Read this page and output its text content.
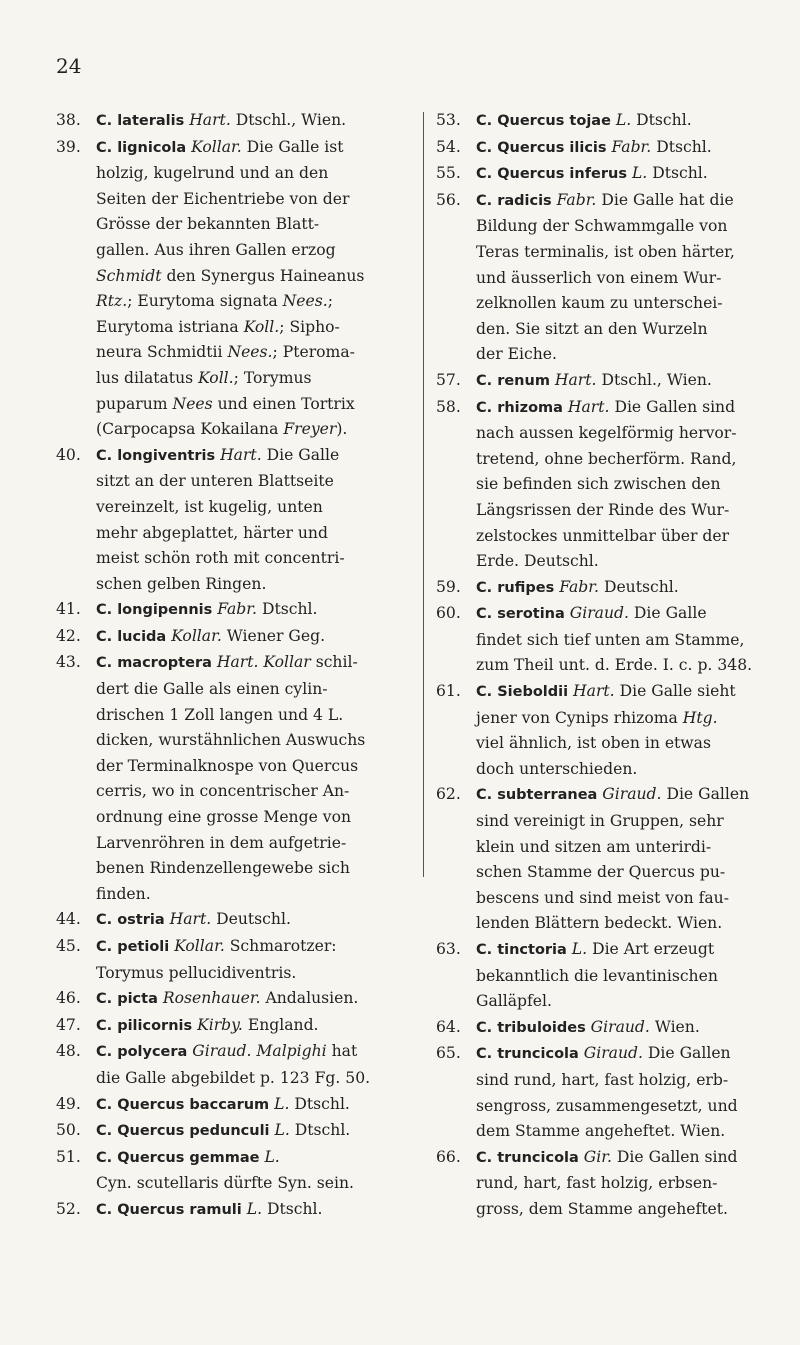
24
38.	C. lateralis Hart. Dtschl., Wien.
39.	C. lignicola Kollar. Die Galle ist
holzig, kugelrund und an den
Seiten der Eichentriebe von der
Grösse der bekannten Blatt-
gallen. Aus ihren Gallen erzog
Schmidt den Synergus Haineanus
Rtz.; Eurytoma signata Nees.;
Eurytoma istriana Koll.; Sipho-
neura Schmidtii Nees.; Pteroma-
lus dilatatus Koll.; Torymus
puparum Nees und einen Tortrix
(Carpocapsa Kokailana Freyer).
40.	C. longiventris Hart. Die Galle
sitzt an der unteren Blattseite
vereinzelt, ist kugelig, unten
mehr abgeplattet, härter und
meist schön roth mit concentri-
schen gelben Ringen.
41.	C. longipennis Fabr. Dtschl.
42.	C. lucida Kollar. Wiener Geg.
43.	C. macroptera Hart. Kollar schil-
dert die Galle als einen cylin-
drischen 1 Zoll langen und 4 L.
dicken, wurstähnlichen Auswuchs
der Terminalknospe von Quercus
cerris, wo in concentrischer An-
ordnung eine grosse Menge von
Larvenröhren in dem aufgetrie-
benen Rindenzellengewebe sich
finden.
44.	C. ostria Hart. Deutschl.
45.	C. petioli Kollar. Schmarotzer:
Torymus pellucidiventris.
46.	C. picta Rosenhauer. Andalusien.
47.	C. pilicornis Kirby. England.
48.	C. polycera Giraud. Malpighi hat
die Galle abgebildet p. 123 Fg. 50.
49.	C. Quercus baccarum L. Dtschl.
50.	C. Quercus pedunculi L. Dtschl.
51.	C. Quercus gemmae L.
Cyn. scutellaris dürfte Syn. sein.
52.	C. Quercus ramuli L. Dtschl.
53.	C. Quercus tojae L. Dtschl.
54.	C. Quercus ilicis Fabr. Dtschl.
55.	C. Quercus inferus L. Dtschl.
56.	C. radicis Fabr. Die Galle hat die
Bildung der Schwammgalle von
Teras terminalis, ist oben härter,
und äusserlich von einem Wur-
zelknollen kaum zu unterschei-
den. Sie sitzt an den Wurzeln
der Eiche.
57.	C. renum Hart. Dtschl., Wien.
58.	C. rhizoma Hart. Die Gallen sind
nach aussen kegelförmig hervor-
tretend, ohne becherförm. Rand,
sie befinden sich zwischen den
Längsrissen der Rinde des Wur-
zelstockes unmittelbar über der
Erde. Deutschl.
59.	C. rufipes Fabr. Deutschl.
60.	C. serotina Giraud. Die Galle
findet sich tief unten am Stamme,
zum Theil unt. d. Erde. I. c. p. 348.
61.	C. Sieboldii Hart. Die Galle sieht
jener von Cynips rhizoma Htg.
viel ähnlich, ist oben in etwas
doch unterschieden.
62.	C. subterranea Giraud. Die Gallen
sind vereinigt in Gruppen, sehr
klein und sitzen am unterirdi-
schen Stamme der Quercus pu-
bescens und sind meist von fau-
lenden Blättern bedeckt. Wien.
63.	C. tinctoria L. Die Art erzeugt
bekanntlich die levantinischen
Galläpfel.
64.	C. tribuloides Giraud. Wien.
65.	C. truncicola Giraud. Die Gallen
sind rund, hart, fast holzig, erb-
sengross, zusammengesetzt, und
dem Stamme angeheftet. Wien.
66.	C. truncicola Gir. Die Gallen sind
rund, hart, fast holzig, erbsen-
gross, dem Stamme angeheftet.
